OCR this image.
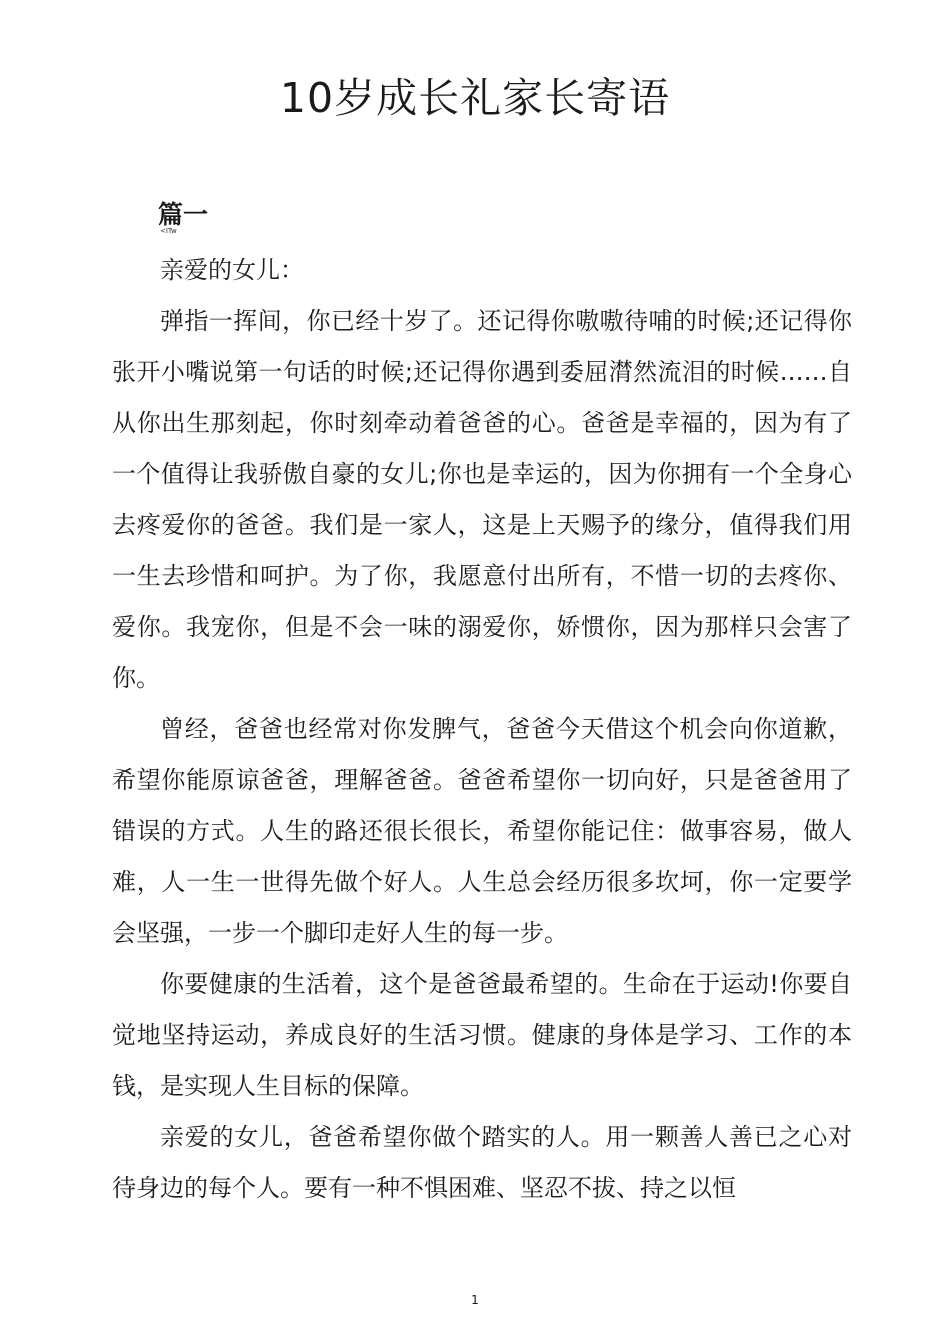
10岁成长礼家长寄语
篇一
<ITw

亲爱的女儿：

弹指一挥间，你已经十岁了。还记得你嗷嗷待哺的时候;还记得你张开小嘴说第一句话的时候;还记得你遇到委屈潸然流泪的时候……自从你出生那刻起，你时刻牵动着爸爸的心。爸爸是幸福的，因为有了一个值得让我骄傲自豪的女儿;你也是幸运的，因为你拥有一个全身心去疼爱你的爸爸。我们是一家人，这是上天赐予的缘分，值得我们用一生去珍惜和呵护。为了你，我愿意付出所有，不惜一切的去疼你、爱你。我宠你，但是不会一味的溺爱你，娇惯你，因为那样只会害了你。

曾经，爸爸也经常对你发脾气，爸爸今天借这个机会向你道歉，希望你能原谅爸爸，理解爸爸。爸爸希望你一切向好，只是爸爸用了错误的方式。人生的路还很长很长，希望你能记住：做事容易，做人难，人一生一世得先做个好人。人生总会经历很多坎坷，你一定要学会坚强，一步一个脚印走好人生的每一步。

你要健康的生活着，这个是爸爸最希望的。生命在于运动!你要自觉地坚持运动，养成良好的生活习惯。健康的身体是学习、工作的本钱，是实现人生目标的保障。

亲爱的女儿，爸爸希望你做个踏实的人。用一颗善人善已之心对待身边的每个人。要有一种不惧困难、坚忍不拔、持之以恒

1
